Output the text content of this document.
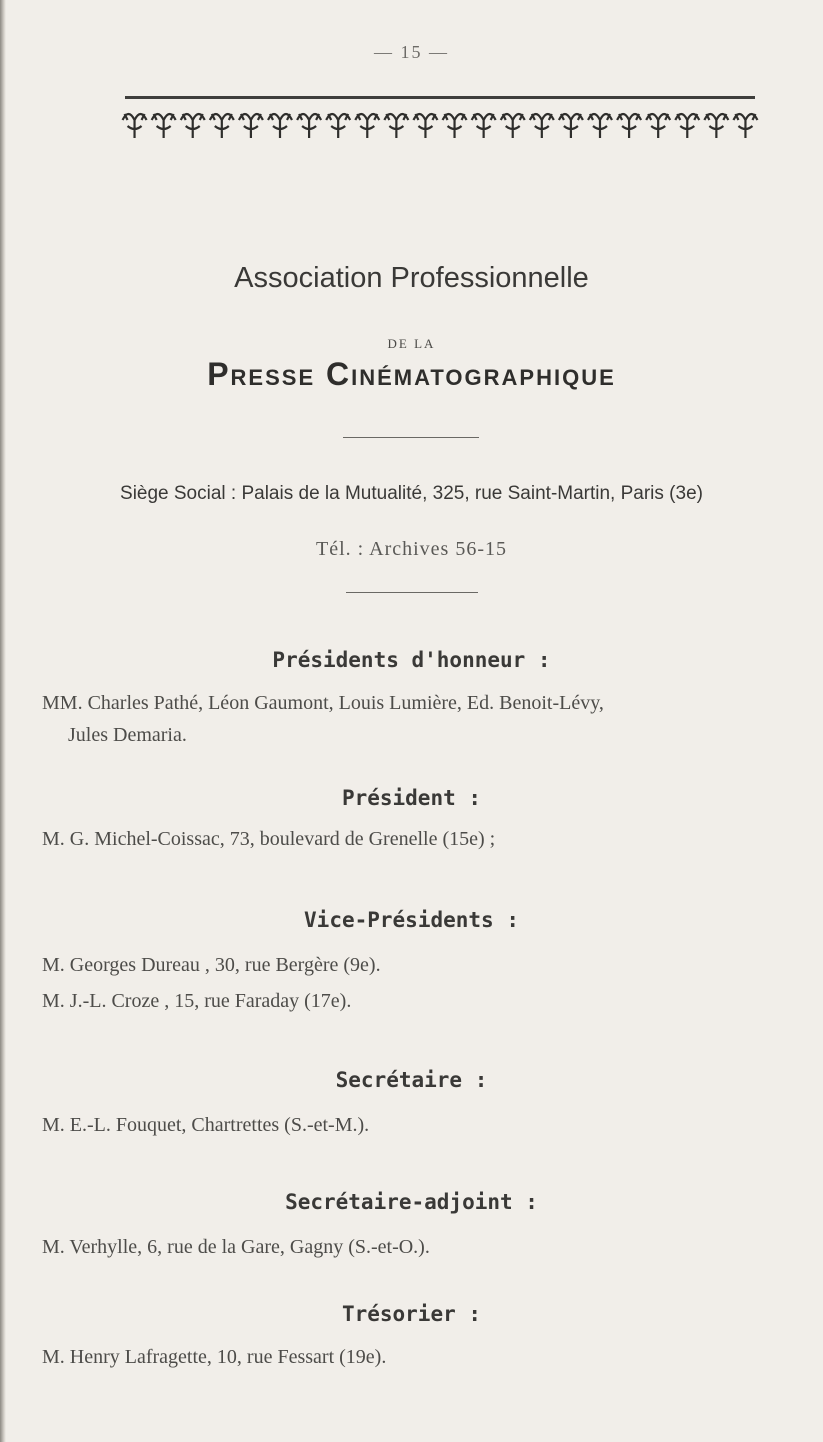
— 15 —
Association Professionnelle
DE LA
Presse Cinématographique
Siège Social : Palais de la Mutualité, 325, rue Saint-Martin, Paris (3e)
Tél. : Archives 56-15
Présidents d'honneur :
MM. Charles Pathé, Léon Gaumont, Louis Lumière, Ed. Benoit-Lévy,
Jules Demaria.
Président :
M. G. Michel-Coissac, 73, boulevard de Grenelle (15e) ;
Vice-Présidents :
M. Georges Dureau , 30, rue Bergère (9e).
M. J.-L. Croze , 15, rue Faraday (17e).
Secrétaire :
M. E.-L. Fouquet, Chartrettes (S.-et-M.).
Secrétaire-adjoint :
M. Verhylle, 6, rue de la Gare, Gagny (S.-et-O.).
Trésorier :
M. Henry Lafragette, 10, rue Fessart (19e).
